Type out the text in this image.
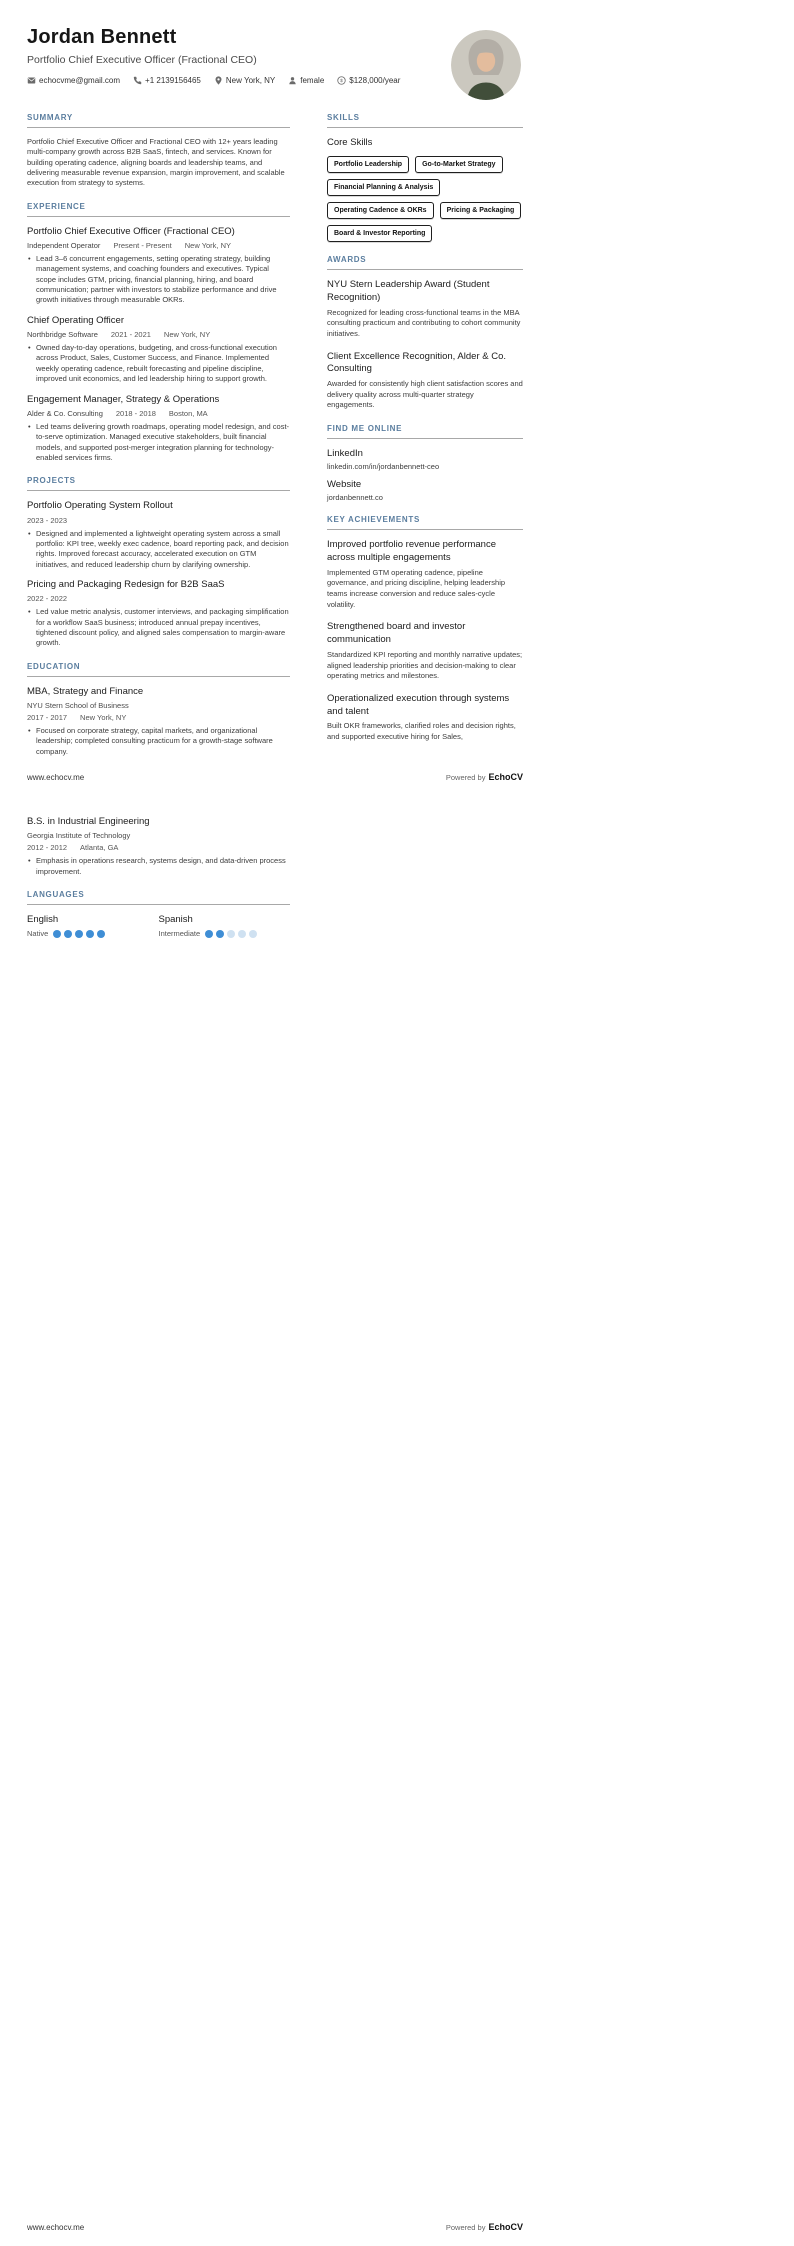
Jordan Bennett
Portfolio Chief Executive Officer (Fractional CEO)
echocvme@gmail.com	+1 2139156465	New York, NY	female $ $128,000/year
SUMMARY

Portfolio Chief Executive Officer and Fractional CEO with 12+ years leading multi-company growth across B2B SaaS, fintech, and services. Known for building operating cadence, aligning boards and leadership teams, and delivering measurable revenue expansion, margin improvement, and scalable execution from strategy to systems.

EXPERIENCE
Portfolio Chief Executive Officer (Fractional CEO)
Independent Operator Present - Present New York, NY
• Lead 3–6 concurrent engagements, setting operating strategy, building management systems, and coaching founders and executives. Typical scope includes GTM, pricing, financial planning, hiring, and board communication; partner with investors to stabilize performance and drive growth initiatives through measurable OKRs.
Chief Operating Officer
Northbridge Software 2021 - 2021 New York, NY
• Owned day-to-day operations, budgeting, and cross-functional execution across Product, Sales, Customer Success, and Finance. Implemented weekly operating cadence, rebuilt forecasting and pipeline discipline, improved unit economics, and led leadership hiring to support growth.
Engagement Manager, Strategy & Operations
Alder & Co. Consulting 2018 - 2018 Boston, MA
• Led teams delivering growth roadmaps, operating model redesign, and cost-to-serve optimization. Managed executive stakeholders, built financial models, and supported post-merger integration planning for technology-enabled services firms.
PROJECTS
Portfolio Operating System Rollout
2023 - 2023
• Designed and implemented a lightweight operating system across a small portfolio: KPI tree, weekly exec cadence, board reporting pack, and decision rights. Improved forecast accuracy, accelerated execution on GTM initiatives, and reduced leadership churn by clarifying ownership.
Pricing and Packaging Redesign for B2B SaaS
2022 - 2022
• Led value metric analysis, customer interviews, and packaging simplification for a workflow SaaS business; introduced annual prepay incentives, tightened discount policy, and aligned sales compensation to margin-aware growth.
EDUCATION
MBA, Strategy and Finance
NYU Stern School of Business
2017 - 2017 New York, NY
• Focused on corporate strategy, capital markets, and organizational leadership; completed consulting practicum for a growth-stage software company.
B.S. in Industrial Engineering
Georgia Institute of Technology
2012 - 2012 Atlanta, GA
• Emphasis in operations research, systems design, and data-driven process improvement.
LANGUAGES
English
Native
Spanish
Intermediate
SKILLS
Core Skills
Portfolio Leadership	Go-to-Market Strategy
Financial Planning & Analysis
Operating Cadence & OKRs	Pricing & Packaging
Board & Investor Reporting
AWARDS
NYU Stern Leadership Award (Student Recognition)
Recognized for leading cross-functional teams in the MBA consulting practicum and contributing to cohort community initiatives.
Client Excellence Recognition, Alder & Co. Consulting
Awarded for consistently high client satisfaction scores and delivery quality across multi-quarter strategy engagements.
FIND ME ONLINE
LinkedIn
linkedin.com/in/jordanbennett-ceo
Website
jordanbennett.co
KEY ACHIEVEMENTS
Improved portfolio revenue performance across multiple engagements
Implemented GTM operating cadence, pipeline governance, and pricing discipline, helping leadership teams increase conversion and reduce sales-cycle volatility.
Strengthened board and investor communication
Standardized KPI reporting and monthly narrative updates; aligned leadership priorities and decision-making to clear operating metrics and milestones.
Operationalized execution through systems and talent
Built OKR frameworks, clarified roles and decision rights, and supported executive hiring for Sales,
www.echocv.me	Powered by EchoCV
www.echocv.me	Powered by EchoCV
